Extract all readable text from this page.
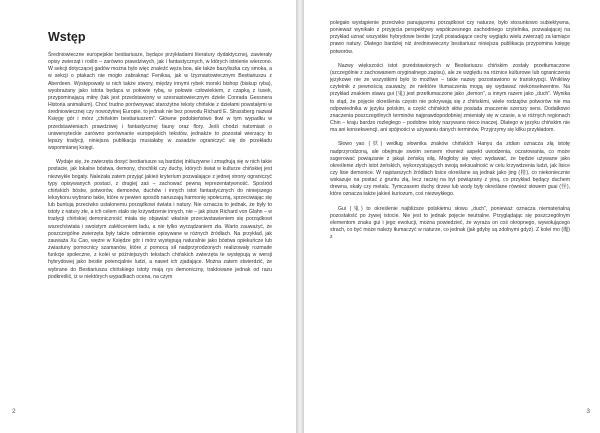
Wstęp

Średniowieczne europejskie bestiariusze, będące przykładami literatury dydaktycznej, zawierały opisy zwierząt i roślin – zarówno prawdziwych, jak i fantastycznych, w których istnienie wierzono. W sekcji dotyczącej gadów można było więc znaleźć węża boa, ale także bazyliszka czy smoka, a w sekcji o ptakach nie mogło zabraknąć Feniksa, jak w lżyznastowiecznym Bestiariuszu z Aberdeen. Występowały w nich także stwory, między innymi rybek morski bishop (biskup ryba), wyobrażany jako istota będąca w połowie rybą, w połowie człowiekiem, z czapką z tusek, przypominającą mitrę (tak jest przedstawiony w szesnastowiecznym dziele Conrada Gessnera Historia animalium). Choć trudno porównywać starożytne teksty chińskie z dziełami powstałymi w średniowiecznej czy nowożytnej Europie, to jednak nie bez powodu Richard E. Strassberg nazwał Księgę gór i mórz „chińskim bestiariuszem”. Główne podobieństwo tkwi w tym wypadku w przedstawieniach prawdziwej i fantastycznej fauny oraz flory. Jeśli chodzi natomiast o uniwersyteckie zarówno porównanie europejskich tekstów, jednakże to pozostał wierzący to lepszy tradycji, niniejsza publikacja musiałaby w zasadzie ograniczyć się do przekładu wspomnianej księgi.

Wydaje się, że zwierzęta dosyć bestiariusze są bardziej inkluzywne i zmądrują się w nich takie postacie, jak lokalne bóstwa, demony, chochliki czy duchy, których świat w kulturze chińskiej jest niezwykle bogaty. Należała zatem przyjąć jakieś kryterium pozwalające z jednej strony ograniczyć typy opisywanych postaci, z drugiej zaś – zachować pewną reprezentatywność. Spośród chińskich bóstw, potworów, demonów, duchów i innych istot fantastycznych do niniejszego leksykonu wybrano takie, które w pewien sposób naruszają harmonię społeczną, sprzeciwiając się lub buntują przeciwko ustalonemu porządkowi świata i natury. Nie oznacza to jednak, że były to istoty z natury złe, a ich celem stało się krzywdzenie innych, nie – jak pisze Richard von Glahn – w tradycji chińskiej demoniczność miała się objawiać właśnie przeciwstawieniem się porządkowi wszechświata i swoistym zakłóceniem ładu, a nie tylko wyrządzaniem zła. Warto zauważyć, że poszczególne zwierzęta były także odmiennie opisywane w różnych źródłach. Na przykład, jak zauważa Xu Cao, wężre w Księdze gór i mórz występują naturalnie jako bóstwa opiekuńcze lub zwiastuny pomocnicy szamanów, które z pomocą sił nadprzyrodzonych realizowały rozmaite funkcje społeczne, z kolei w późniejszych tekstach chińskich zwierzęta te występują w wersji hybrydowej jako bestie potencjalnie ludzi, a nawet ich zjadające. Można zatem stwierdzić, że wybrane do Bestiariusza chińskiego istoty mają rys demoniczny, traktowane jednak od razu podkreślić, iż w niektórych wypadkach ocena, na czym

2

polegało wystąpienie przeciwko panującemu porządkowi czy naturze, było stosunkowo subiektywna, ponieważ wynikało z przyjęcia perspektywy współczesnego zachodniego czytelnika, pozwalającej na przykład uznać wszystkie hybrydowe bestie (czyli posiadające cechy wyglądu wielu zwierząt) za łamiące prawo natury. Dlatego bardziej niż średniowieczny bestiariusz niniejsza publikacja przypomina księgę potworów.

Nazwy większości istot przedstawionych w Bestiariuszu chińskim zostały przetłumaczone (szczególnie z zachowaniem oryginalnego zapisu), ale ze względu na różnice kulturowe lub ograniczenia językowe nie ze wszystkimi było to możliwe – takie nazwy pozostawiono w transkrypcji. Wnikliwy czytelnik z pewnością zauważy, że niektóre tłumaczenia mogą się wydawać niekonsekwentne. Na przykład znakiem stawu gui (鬼) jest przetłumaczone jako „demon”, a innym razem jako „duch”. Wynika to stąd, że pojęcie określenia często nie pokrywają się z chińskimi, wiele rodzajów potworów nie ma odpowiednika w języku polskim, a część chińskich słów posiada znaczenie szerszy sens. Dodatkowo znaczenia poszczególnych terminów najprawdopodobniej zmieniały się w czasie, a w różnych regionach Chin – kraju bardzo rozległego – podobne istoty nazywano nieco inaczej. Dlatego w języku chińskim nie ma ani konsekwencji, ani spójności w używaniu danych terminów. Przyjrzymy się kilku przykładom.

Słowo yao (妖) według słownika znaków chińskich Hanyu da zidian oznacza złą istotę nadprzyrodzoną, ale obejmuje swoim sensem również aspekt uwodzenia, oczarowania, co może sugerować powiązanie z jakąś żeńską siłą. Mogłoby się więc wydawać, że będzie używane jako określenie złych istot żeńskich, wykorzystujących swoją seksualność w celu krzywdzenia ludzi, jak lisice czy lisie demonice. W najstarszych źródłach lisice określane są jednak jako jing (精), co niekoniecznie wskazuje na postać z gruntu złą, lecz raczej na byt powiązany z yiną, co przykład będący duchem drewna, skały czy metalu. Tymczasem duchy drzew lub wody były określane również słowem guai (怪), które oznacza także jakieś kuriozum, coś niezwykłego.

Gui (鬼) to określenie najbliższe polskiemu słowu „duch”, ponieważ oznacza niematerialną pozostałość po żywej istocie. Nie jest to jednak pojęcie neutralne. Przyglądając się poszczególnym elementom znaku gui i jego ewolucji, można powiedzieć, że wyraża on coś okropnego, wywołującego strach, co być może należy tłumaczyć w naturze, co jednak (jak gdyby są zdolnymi gdyż). Z kolei mo (魔) z

3
